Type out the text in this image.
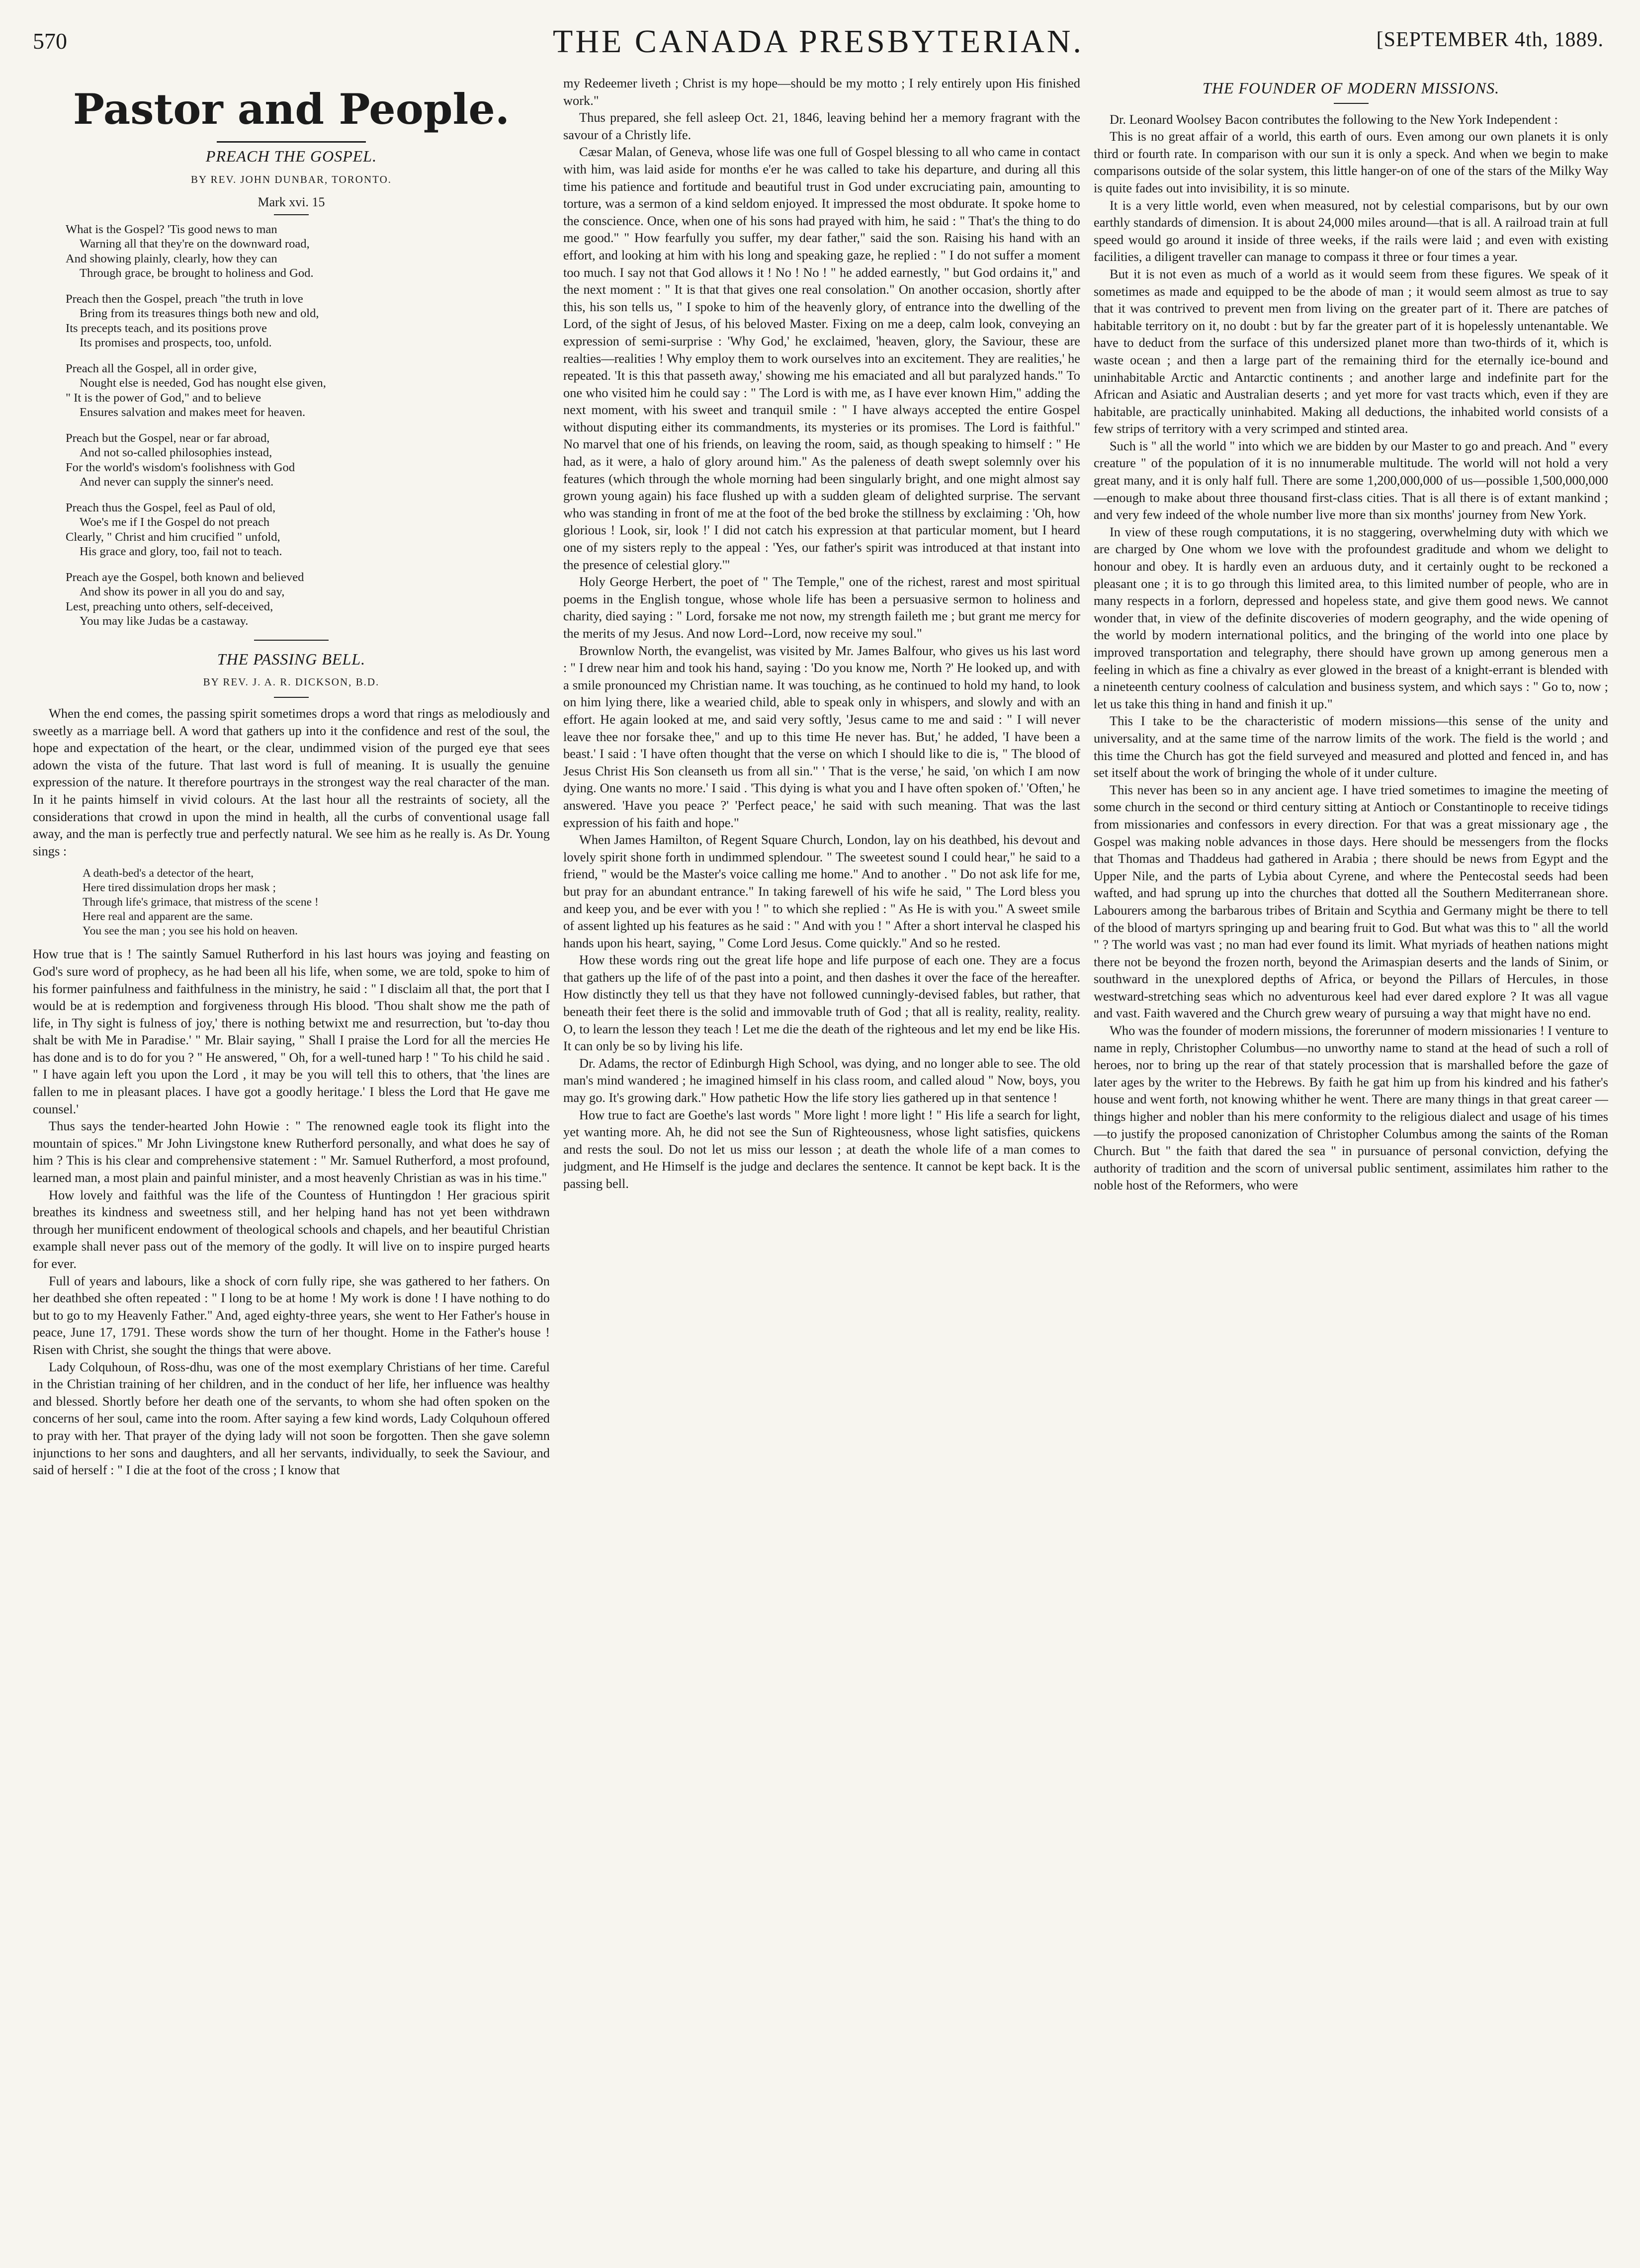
570	THE CANADA PRESBYTERIAN.	[SEPTEMBER 4th, 1889.
Pastor and People.
PREACH THE GOSPEL.
BY REV. JOHN DUNBAR, TORONTO.
Mark xvi. 15
What is the Gospel? 'Tis good news to man
Warning all that they're on the downward road,
And showing plainly, clearly, how they can
Through grace, be brought to holiness and God.
Preach then the Gospel, preach "the truth in love
Bring from its treasures things both new and old,
Its precepts teach, and its positions prove
Its promises and prospects, too, unfold.
Preach all the Gospel, all in order give,
Nought else is needed, God has nought else given,
" It is the power of God," and to believe
Ensures salvation and makes meet for heaven.
Preach but the Gospel, near or far abroad,
And not so-called philosophies instead,
For the world's wisdom's foolishness with God
And never can supply the sinner's need.
Preach thus the Gospel, feel as Paul of old,
Woe's me if I the Gospel do not preach
Clearly, " Christ and him crucified " unfold,
His grace and glory, too, fail not to teach.
Preach aye the Gospel, both known and believed
And show its power in all you do and say,
Lest, preaching unto others, self-deceived,
You may like Judas be a castaway.
THE PASSING BELL.
BY REV. J. A. R. DICKSON, B.D.

When the end comes, the passing spirit sometimes drops a word that rings as melodiously and sweetly as a marriage bell. A word that gathers up into it the confidence and rest of the soul, the hope and expectation of the heart, or the clear, undimmed vision of the purged eye that sees adown the vista of the future. That last word is full of meaning. It is usually the genuine expression of the nature. It therefore pourtrays in the strongest way the real character of the man. In it he paints himself in vivid colours. At the last hour all the restraints of society, all the considerations that crowd in upon the mind in health, all the curbs of conventional usage fall away, and the man is perfectly true and perfectly natural. We see him as he really is. As Dr. Young sings :

A death-bed's a detector of the heart,
Here tired dissimulation drops her mask ;
Through life's grimace, that mistress of the scene !
Here real and apparent are the same.
You see the man ; you see his hold on heaven.

How true that is ! The saintly Samuel Rutherford in his last hours was joying and feasting on God's sure word of prophecy, as he had been all his life, when some, we are told, spoke to him of his former painfulness and faithfulness in the ministry, he said : " I disclaim all that, the port that I would be at is redemption and forgiveness through His blood. 'Thou shalt show me the path of life, in Thy sight is fulness of joy,' there is nothing betwixt me and resurrection, but 'to-day thou shalt be with Me in Paradise.' " Mr. Blair saying, " Shall I praise the Lord for all the mercies He has done and is to do for you ? " He answered, " Oh, for a well-tuned harp ! " To his child he said . " I have again left you upon the Lord , it may be you will tell this to others, that 'the lines are fallen to me in pleasant places. I have got a goodly heritage.' I bless the Lord that He gave me counsel.'

Thus says the tender-hearted John Howie : " The renowned eagle took its flight into the mountain of spices." Mr John Livingstone knew Rutherford personally, and what does he say of him ? This is his clear and comprehensive statement : " Mr. Samuel Rutherford, a most profound, learned man, a most plain and painful minister, and a most heavenly Christian as was in his time."

How lovely and faithful was the life of the Countess of Huntingdon ! Her gracious spirit breathes its kindness and sweetness still, and her helping hand has not yet been withdrawn through her munificent endowment of theological schools and chapels, and her beautiful Christian example shall never pass out of the memory of the godly. It will live on to inspire purged hearts for ever.

Full of years and labours, like a shock of corn fully ripe, she was gathered to her fathers. On her deathbed she often repeated : " I long to be at home ! My work is done ! I have nothing to do but to go to my Heavenly Father." And, aged eighty-three years, she went to Her Father's house in peace, June 17, 1791. These words show the turn of her thought. Home in the Father's house ! Risen with Christ, she sought the things that were above.

Lady Colquhoun, of Ross-dhu, was one of the most exemplary Christians of her time. Careful in the Christian training of her children, and in the conduct of her life, her influence was healthy and blessed. Shortly before her death one of the servants, to whom she had often spoken on the concerns of her soul, came into the room. After saying a few kind words, Lady Colquhoun offered to pray with her. That prayer of the dying lady will not soon be forgotten. Then she gave solemn injunctions to her sons and daughters, and all her servants, individually, to seek the Saviour, and said of herself : " I die at the foot of the cross ; I know that

my Redeemer liveth ; Christ is my hope—should be my motto ; I rely entirely upon His finished work."

Thus prepared, she fell asleep Oct. 21, 1846, leaving behind her a memory fragrant with the savour of a Christly life.

Cæsar Malan, of Geneva, whose life was one full of Gospel blessing to all who came in contact with him, was laid aside for months e'er he was called to take his departure, and during all this time his patience and fortitude and beautiful trust in God under excruciating pain, amounting to torture, was a sermon of a kind seldom enjoyed. It impressed the most obdurate. It spoke home to the conscience. Once, when one of his sons had prayed with him, he said : " That's the thing to do me good." " How fearfully you suffer, my dear father," said the son. Raising his hand with an effort, and looking at him with his long and speaking gaze, he replied : " I do not suffer a moment too much. I say not that God allows it ! No ! No ! " he added earnestly, " but God ordains it," and the next moment : " It is that that gives one real consolation." On another occasion, shortly after this, his son tells us, " I spoke to him of the heavenly glory, of entrance into the dwelling of the Lord, of the sight of Jesus, of his beloved Master. Fixing on me a deep, calm look, conveying an expression of semi-surprise : 'Why God,' he exclaimed, 'heaven, glory, the Saviour, these are realties—realities ! Why employ them to work ourselves into an excitement. They are realities,' he repeated. 'It is this that passeth away,' showing me his emaciated and all but paralyzed hands." To one who visited him he could say : " The Lord is with me, as I have ever known Him," adding the next moment, with his sweet and tranquil smile : " I have always accepted the entire Gospel without disputing either its commandments, its mysteries or its promises. The Lord is faithful." No marvel that one of his friends, on leaving the room, said, as though speaking to himself : " He had, as it were, a halo of glory around him." As the paleness of death swept solemnly over his features (which through the whole morning had been singularly bright, and one might almost say grown young again) his face flushed up with a sudden gleam of delighted surprise. The servant who was standing in front of me at the foot of the bed broke the stillness by exclaiming : 'Oh, how glorious ! Look, sir, look !' I did not catch his expression at that particular moment, but I heard one of my sisters reply to the appeal : 'Yes, our father's spirit was introduced at that instant into the presence of celestial glory.'"

Holy George Herbert, the poet of " The Temple," one of the richest, rarest and most spiritual poems in the English tongue, whose whole life has been a persuasive sermon to holiness and charity, died saying : " Lord, forsake me not now, my strength faileth me ; but grant me mercy for the merits of my Jesus. And now Lord--Lord, now receive my soul."

Brownlow North, the evangelist, was visited by Mr. James Balfour, who gives us his last word : " I drew near him and took his hand, saying : 'Do you know me, North ?' He looked up, and with a smile pronounced my Christian name. It was touching, as he continued to hold my hand, to look on him lying there, like a wearied child, able to speak only in whispers, and slowly and with an effort. He again looked at me, and said very softly, 'Jesus came to me and said : " I will never leave thee nor forsake thee," and up to this time He never has. But,' he added, 'I have been a beast.' I said : 'I have often thought that the verse on which I should like to die is, " The blood of Jesus Christ His Son cleanseth us from all sin." ' That is the verse,' he said, 'on which I am now dying. One wants no more.' I said . 'This dying is what you and I have often spoken of.' 'Often,' he answered. 'Have you peace ?' 'Perfect peace,' he said with such meaning. That was the last expression of his faith and hope."

When James Hamilton, of Regent Square Church, London, lay on his deathbed, his devout and lovely spirit shone forth in undimmed splendour. " The sweetest sound I could hear," he said to a friend, " would be the Master's voice calling me home." And to another . " Do not ask life for me, but pray for an abundant entrance." In taking farewell of his wife he said, " The Lord bless you and keep you, and be ever with you ! " to which she replied : " As He is with you." A sweet smile of assent lighted up his features as he said : " And with you ! " After a short interval he clasped his hands upon his heart, saying, " Come Lord Jesus. Come quickly." And so he rested.

How these words ring out the great life hope and life purpose of each one. They are a focus that gathers up the life of of the past into a point, and then dashes it over the face of the hereafter. How distinctly they tell us that they have not followed cunningly-devised fables, but rather, that beneath their feet there is the solid and immovable truth of God ; that all is reality, reality, reality. O, to learn the lesson they teach ! Let me die the death of the righteous and let my end be like His. It can only be so by living his life.

Dr. Adams, the rector of Edinburgh High School, was dying, and no longer able to see. The old man's mind wandered ; he imagined himself in his class room, and called aloud " Now, boys, you may go. It's growing dark." How pathetic How the life story lies gathered up in that sentence !

How true to fact are Goethe's last words " More light ! more light ! " His life a search for light, yet wanting more. Ah, he did not see the Sun of Righteousness, whose light satisfies, quickens and rests the soul. Do not let us miss our lesson ; at death the whole life of a man comes to judgment, and He Himself is the judge and declares the sentence. It cannot be kept back. It is the passing bell.

THE FOUNDER OF MODERN MISSIONS.

Dr. Leonard Woolsey Bacon contributes the following to the New York Independent :

This is no great affair of a world, this earth of ours. Even among our own planets it is only third or fourth rate. In comparison with our sun it is only a speck. And when we begin to make comparisons outside of the solar system, this little hanger-on of one of the stars of the Milky Way is quite fades out into invisibility, it is so minute.

It is a very little world, even when measured, not by celestial comparisons, but by our own earthly standards of dimension. It is about 24,000 miles around—that is all. A railroad train at full speed would go around it inside of three weeks, if the rails were laid ; and even with existing facilities, a diligent traveller can manage to compass it three or four times a year.

But it is not even as much of a world as it would seem from these figures. We speak of it sometimes as made and equipped to be the abode of man ; it would seem almost as true to say that it was contrived to prevent men from living on the greater part of it. There are patches of habitable territory on it, no doubt : but by far the greater part of it is hopelessly untenantable. We have to deduct from the surface of this undersized planet more than two-thirds of it, which is waste ocean ; and then a large part of the remaining third for the eternally ice-bound and uninhabitable Arctic and Antarctic continents ; and another large and indefinite part for the African and Asiatic and Australian deserts ; and yet more for vast tracts which, even if they are habitable, are practically uninhabited. Making all deductions, the inhabited world consists of a few strips of territory with a very scrimped and stinted area.

Such is " all the world " into which we are bidden by our Master to go and preach. And " every creature " of the population of it is no innumerable multitude. The world will not hold a very great many, and it is only half full. There are some 1,200,000,000 of us—possible 1,500,000,000—enough to make about three thousand first-class cities. That is all there is of extant mankind ; and very few indeed of the whole number live more than six months' journey from New York.

In view of these rough computations, it is no staggering, overwhelming duty with which we are charged by One whom we love with the profoundest graditude and whom we delight to honour and obey. It is hardly even an arduous duty, and it certainly ought to be reckoned a pleasant one ; it is to go through this limited area, to this limited number of people, who are in many respects in a forlorn, depressed and hopeless state, and give them good news. We cannot wonder that, in view of the definite discoveries of modern geography, and the wide opening of the world by modern international politics, and the bringing of the world into one place by improved transportation and telegraphy, there should have grown up among generous men a feeling in which as fine a chivalry as ever glowed in the breast of a knight-errant is blended with a nineteenth century coolness of calculation and business system, and which says : " Go to, now ; let us take this thing in hand and finish it up."

This I take to be the characteristic of modern missions—this sense of the unity and universality, and at the same time of the narrow limits of the work. The field is the world ; and this time the Church has got the field surveyed and measured and plotted and fenced in, and has set itself about the work of bringing the whole of it under culture.

This never has been so in any ancient age. I have tried sometimes to imagine the meeting of some church in the second or third century sitting at Antioch or Constantinople to receive tidings from missionaries and confessors in every direction. For that was a great missionary age , the Gospel was making noble advances in those days. Here should be messengers from the flocks that Thomas and Thaddeus had gathered in Arabia ; there should be news from Egypt and the Upper Nile, and the parts of Lybia about Cyrene, and where the Pentecostal seeds had been wafted, and had sprung up into the churches that dotted all the Southern Mediterranean shore. Labourers among the barbarous tribes of Britain and Scythia and Germany might be there to tell of the blood of martyrs springing up and bearing fruit to God. But what was this to " all the world " ? The world was vast ; no man had ever found its limit. What myriads of heathen nations might there not be beyond the frozen north, beyond the Arimaspian deserts and the lands of Sinim, or southward in the unexplored depths of Africa, or beyond the Pillars of Hercules, in those westward-stretching seas which no adventurous keel had ever dared explore ? It was all vague and vast. Faith wavered and the Church grew weary of pursuing a way that might have no end.

Who was the founder of modern missions, the forerunner of modern missionaries ! I venture to name in reply, Christopher Columbus—no unworthy name to stand at the head of such a roll of heroes, nor to bring up the rear of that stately procession that is marshalled before the gaze of later ages by the writer to the Hebrews. By faith he gat him up from his kindred and his father's house and went forth, not knowing whither he went. There are many things in that great career —things higher and nobler than his mere conformity to the religious dialect and usage of his times—to justify the proposed canonization of Christopher Columbus among the saints of the Roman Church. But " the faith that dared the sea " in pursuance of personal conviction, defying the authority of tradition and the scorn of universal public sentiment, assimilates him rather to the noble host of the Reformers, who were
